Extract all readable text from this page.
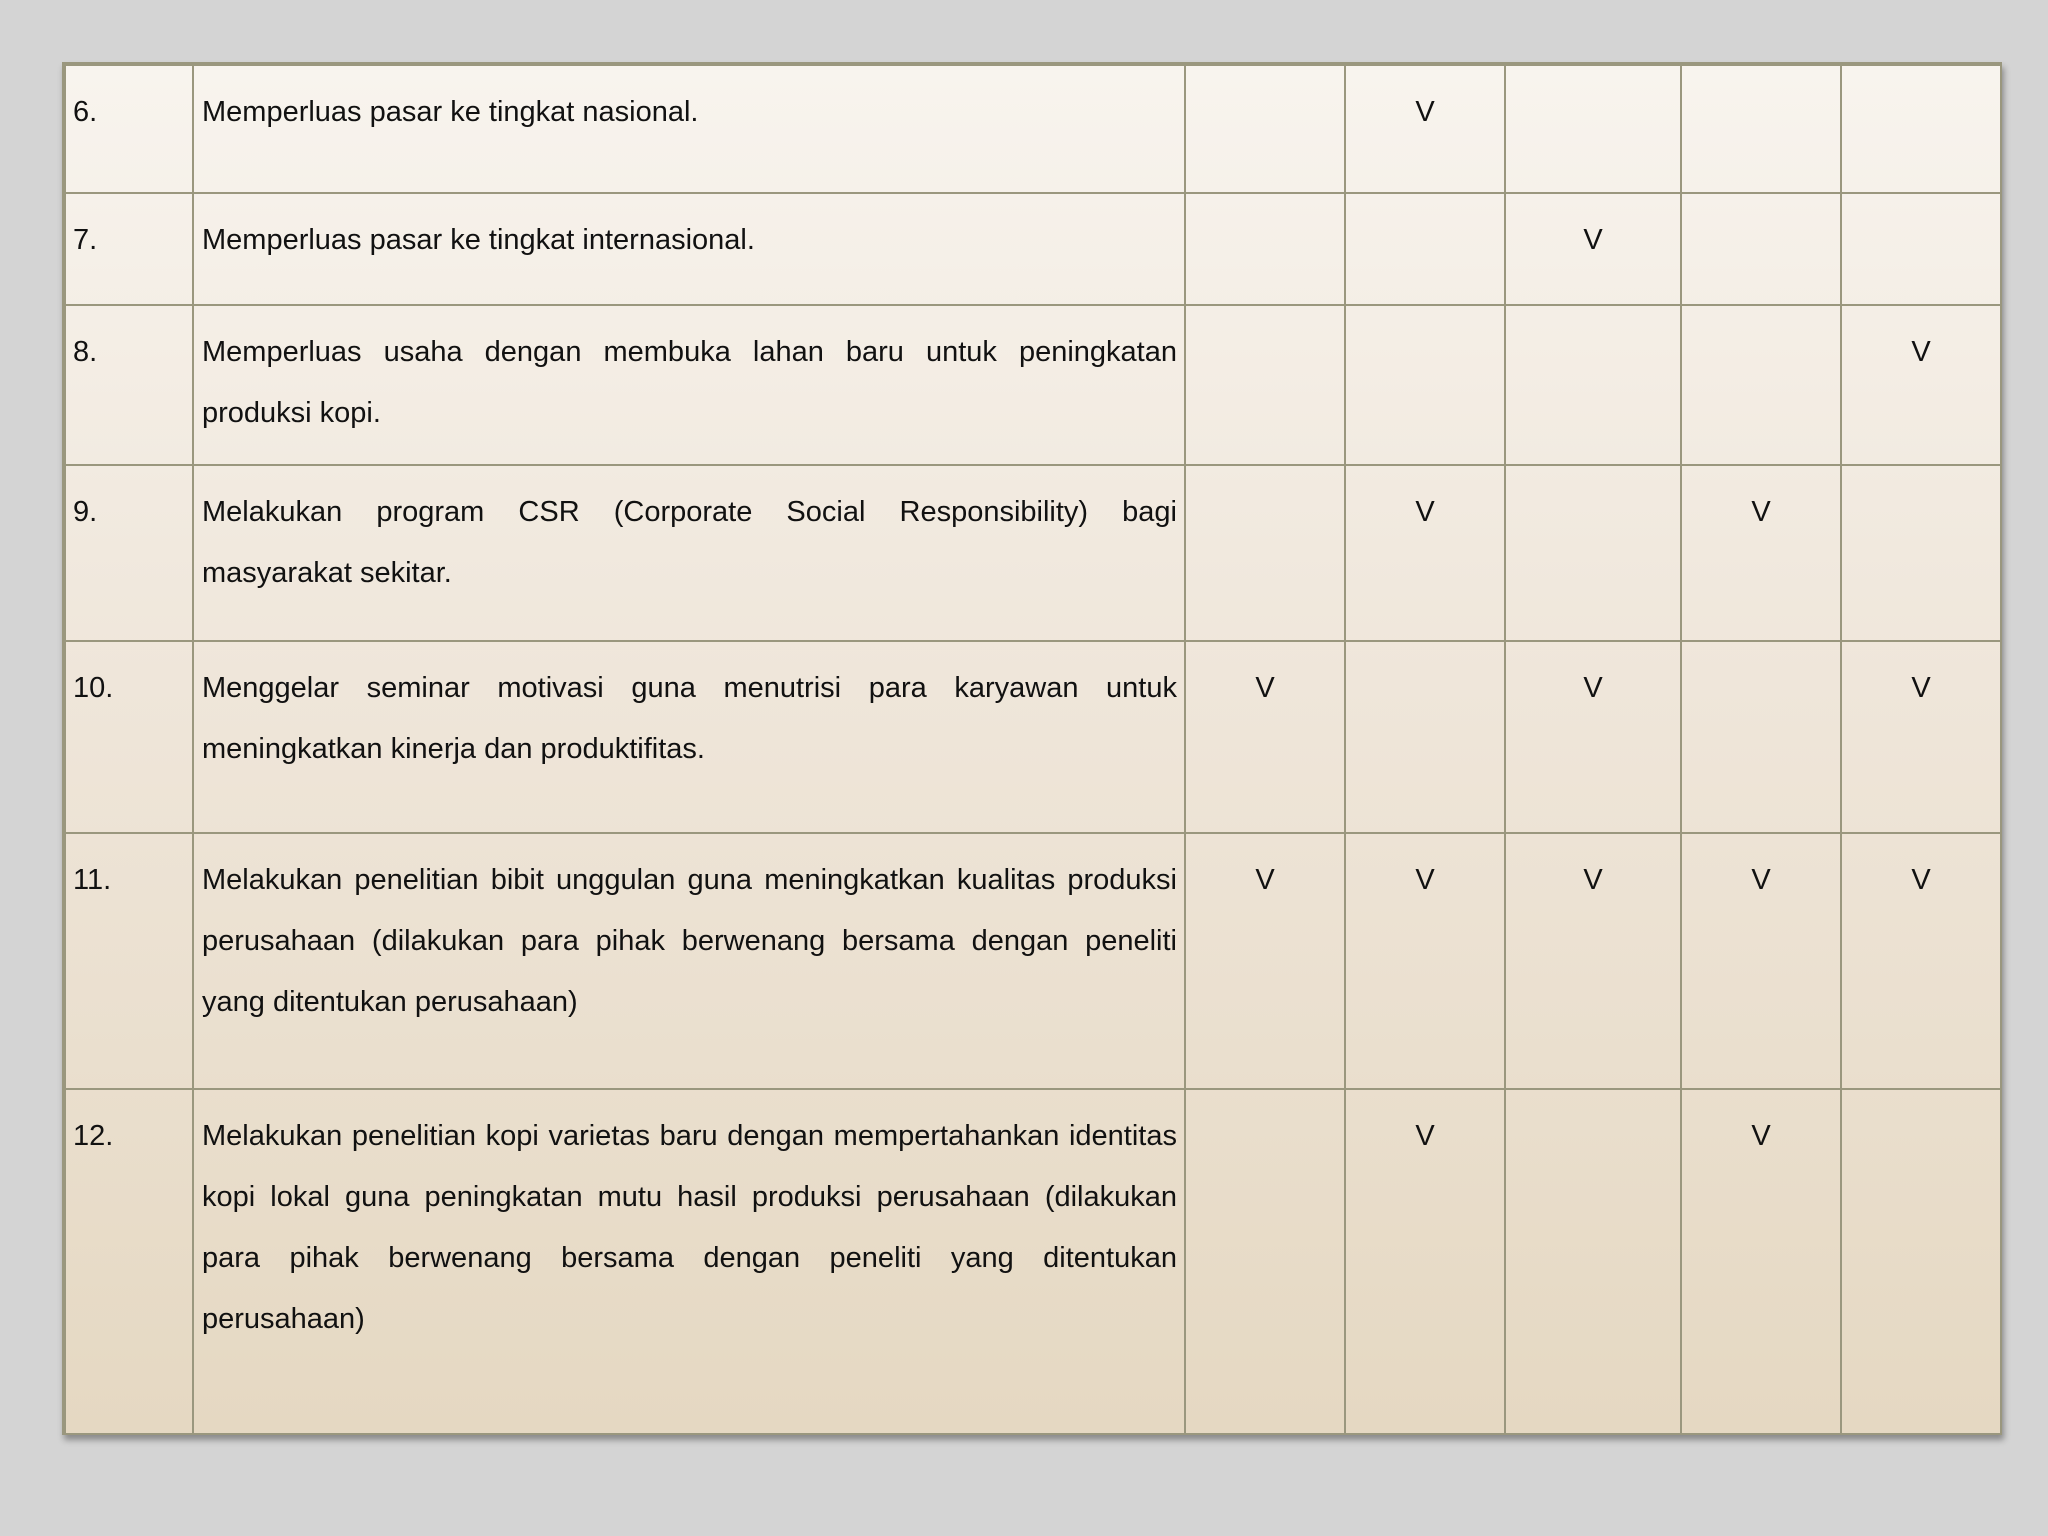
6.	Memperluas pasar ke tingkat nasional.		V			
7.	Memperluas pasar ke tingkat internasional.			V		
8.	Memperluas usaha dengan membuka lahan baru untuk peningkatan produksi kopi.					V
9.	Melakukan program CSR (Corporate Social Responsibility) bagi masyarakat sekitar.		V		V	
10.	Menggelar seminar motivasi guna menutrisi para karyawan untuk meningkatkan kinerja dan produktifitas.	V		V		V
11.	Melakukan penelitian bibit unggulan guna meningkatkan kualitas produksi perusahaan (dilakukan para pihak berwenang bersama dengan peneliti yang ditentukan perusahaan)	V	V	V	V	V
12.	Melakukan penelitian kopi varietas baru dengan mempertahankan identitas kopi lokal guna peningkatan mutu hasil produksi perusahaan (dilakukan para pihak berwenang bersama dengan peneliti yang ditentukan perusahaan)		V		V	
